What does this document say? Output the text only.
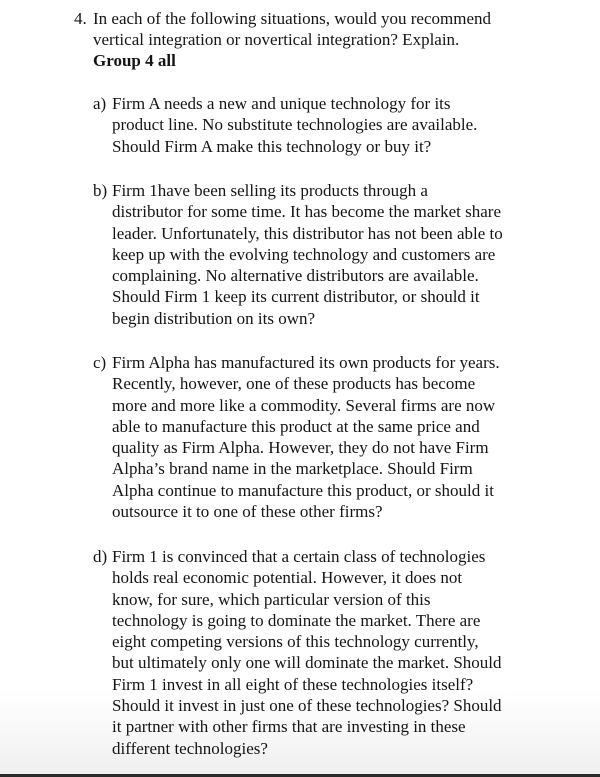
4. In each of the following situations, would you recommend
vertical integration or novertical integration? Explain.
Group 4 all
a) Firm A needs a new and unique technology for its
product line. No substitute technologies are available.
Should Firm A make this technology or buy it?
b) Firm 1have been selling its products through a
distributor for some time. It has become the market share
leader. Unfortunately, this distributor has not been able to
keep up with the evolving technology and customers are
complaining. No alternative distributors are available.
Should Firm 1 keep its current distributor, or should it
begin distribution on its own?
c) Firm Alpha has manufactured its own products for years.
Recently, however, one of these products has become
more and more like a commodity. Several firms are now
able to manufacture this product at the same price and
quality as Firm Alpha. However, they do not have Firm
Alpha’s brand name in the marketplace. Should Firm
Alpha continue to manufacture this product, or should it
outsource it to one of these other firms?
d) Firm 1 is convinced that a certain class of technologies
holds real economic potential. However, it does not
know, for sure, which particular version of this
technology is going to dominate the market. There are
eight competing versions of this technology currently,
but ultimately only one will dominate the market. Should
Firm 1 invest in all eight of these technologies itself?
Should it invest in just one of these technologies? Should
it partner with other firms that are investing in these
different technologies?
